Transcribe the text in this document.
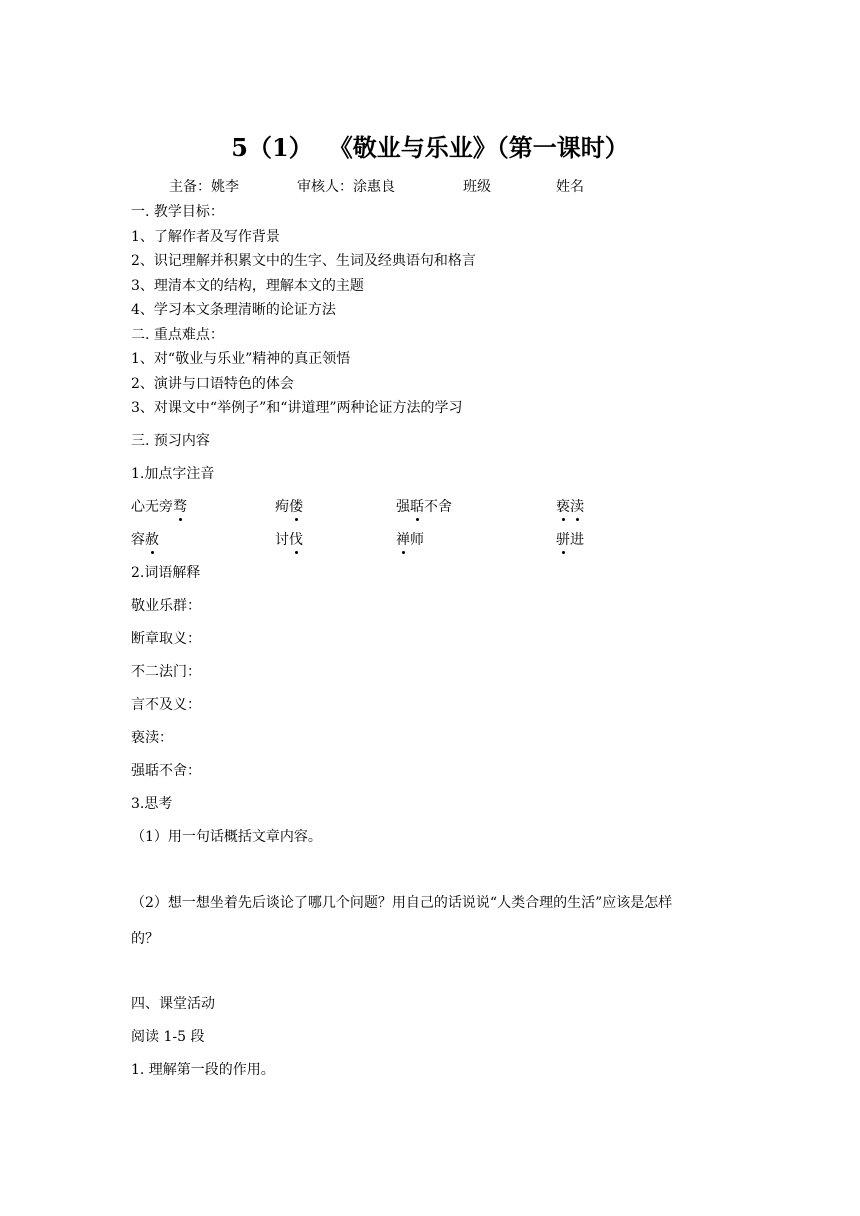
5（1） 《敬业与乐业》（第一课时）
主备：姚李	审核人：涂惠良	班级	姓名
一. 教学目标：
1、了解作者及写作背景
2、识记理解并积累文中的生字、生词及经典语句和格言
3、理清本文的结构，理解本文的主题
4、学习本文条理清晰的论证方法
二. 重点难点：
1、对“敬业与乐业”精神的真正领悟
2、演讲与口语特色的体会
3、对课文中“举例子”和“讲道理”两种论证方法的学习
三. 预习内容
1.加点字注音
心无旁骛	痀偻	强聒不舍	亵渎
容赦	讨伐	禅师	骈进
2.词语解释
敬业乐群：
断章取义：
不二法门：
言不及义：
亵渎：
强聒不舍：
3.思考
（1）用一句话概括文章内容。
（2）想一想坐着先后谈论了哪几个问题？用自己的话说说“人类合理的生活”应该是怎样
的？
四、课堂活动
阅读 1-5 段
1. 理解第一段的作用。
